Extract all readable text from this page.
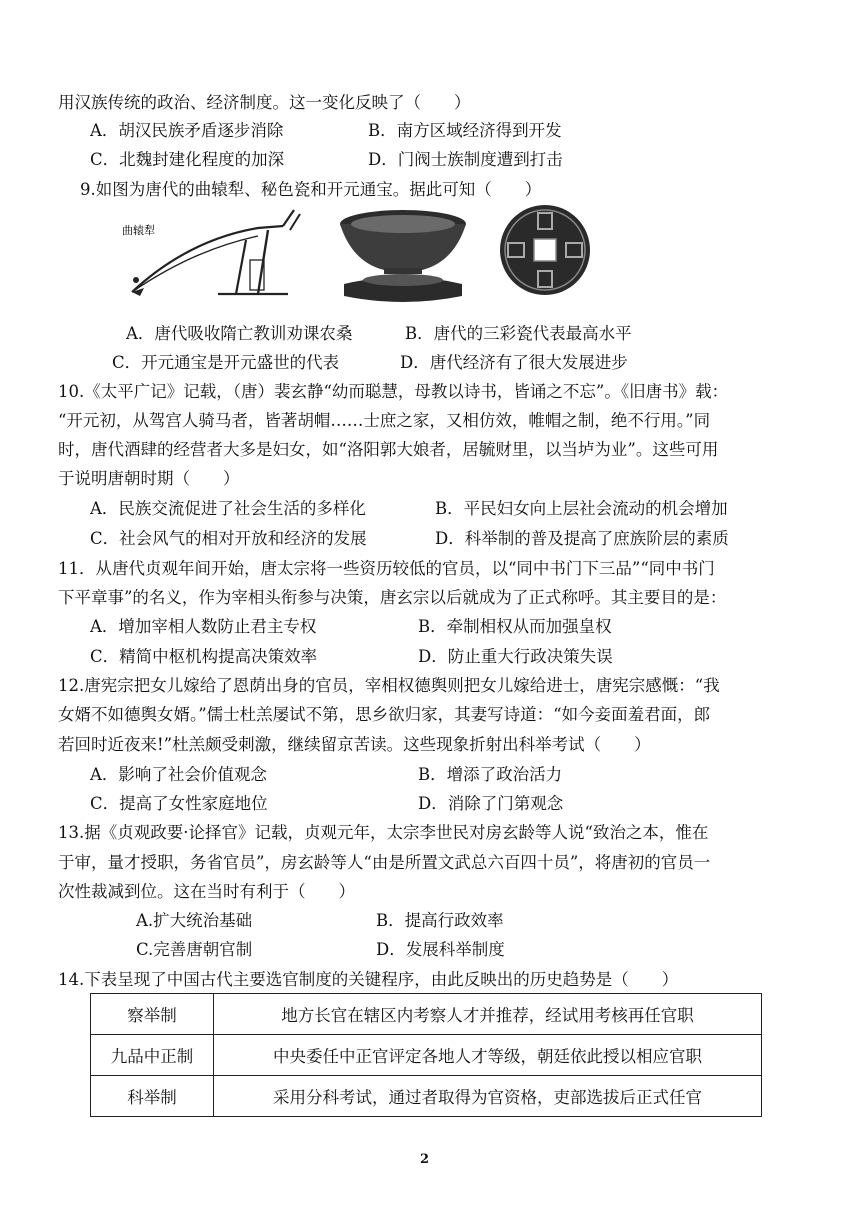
用汉族传统的政治、经济制度。这一变化反映了（　　）
A．胡汉民族矛盾逐步消除	B．南方区域经济得到开发
C．北魏封建化程度的加深	D．门阀士族制度遭到打击
9.如图为唐代的曲辕犁、秘色瓷和开元通宝。据此可知（　　）
曲辕犁
A．唐代吸收隋亡教训劝课农桑	B．唐代的三彩瓷代表最高水平
C．开元通宝是开元盛世的代表	D．唐代经济有了很大发展进步
10.《太平广记》记载，（唐）裴玄静“幼而聪慧，母教以诗书，皆诵之不忘”。《旧唐书》载：
“开元初，从驾宫人骑马者，皆著胡帽……士庶之家，又相仿效，帷帽之制，绝不行用。”同
时，唐代酒肆的经营者大多是妇女，如“洛阳郭大娘者，居毓财里，以当垆为业”。这些可用
于说明唐朝时期（　　）
A．民族交流促进了社会生活的多样化	B．平民妇女向上层社会流动的机会增加
C．社会风气的相对开放和经济的发展	D．科举制的普及提高了庶族阶层的素质
11．从唐代贞观年间开始，唐太宗将一些资历较低的官员，以“同中书门下三品”“同中书门
下平章事”的名义，作为宰相头衔参与决策，唐玄宗以后就成为了正式称呼。其主要目的是：
A．增加宰相人数防止君主专权	B．牵制相权从而加强皇权
C．精简中枢机构提高决策效率	D．防止重大行政决策失误
12.唐宪宗把女儿嫁给了恩荫出身的官员，宰相权德舆则把女儿嫁给进士，唐宪宗感慨：“我
女婿不如德舆女婿。”儒士杜羔屡试不第，思乡欲归家，其妻写诗道：“如今妾面羞君面，郎
若回时近夜来!”杜羔颇受刺激，继续留京苦读。这些现象折射出科举考试（　　）
A．影响了社会价值观念	B．增添了政治活力
C．提高了女性家庭地位	D．消除了门第观念
13.据《贞观政要·论择官》记载，贞观元年，太宗李世民对房玄龄等人说“致治之本，惟在
于审，量才授职，务省官员”，房玄龄等人“由是所置文武总六百四十员”，将唐初的官员一
次性裁减到位。这在当时有利于（　　）
A.扩大统治基础	B．提高行政效率
C.完善唐朝官制	D．发展科举制度
14.下表呈现了中国古代主要选官制度的关键程序，由此反映出的历史趋势是（　　）
察举制	地方长官在辖区内考察人才并推荐，经试用考核再任官职
九品中正制	中央委任中正官评定各地人才等级，朝廷依此授以相应官职
科举制	采用分科考试，通过者取得为官资格，吏部选拔后正式任官
2
